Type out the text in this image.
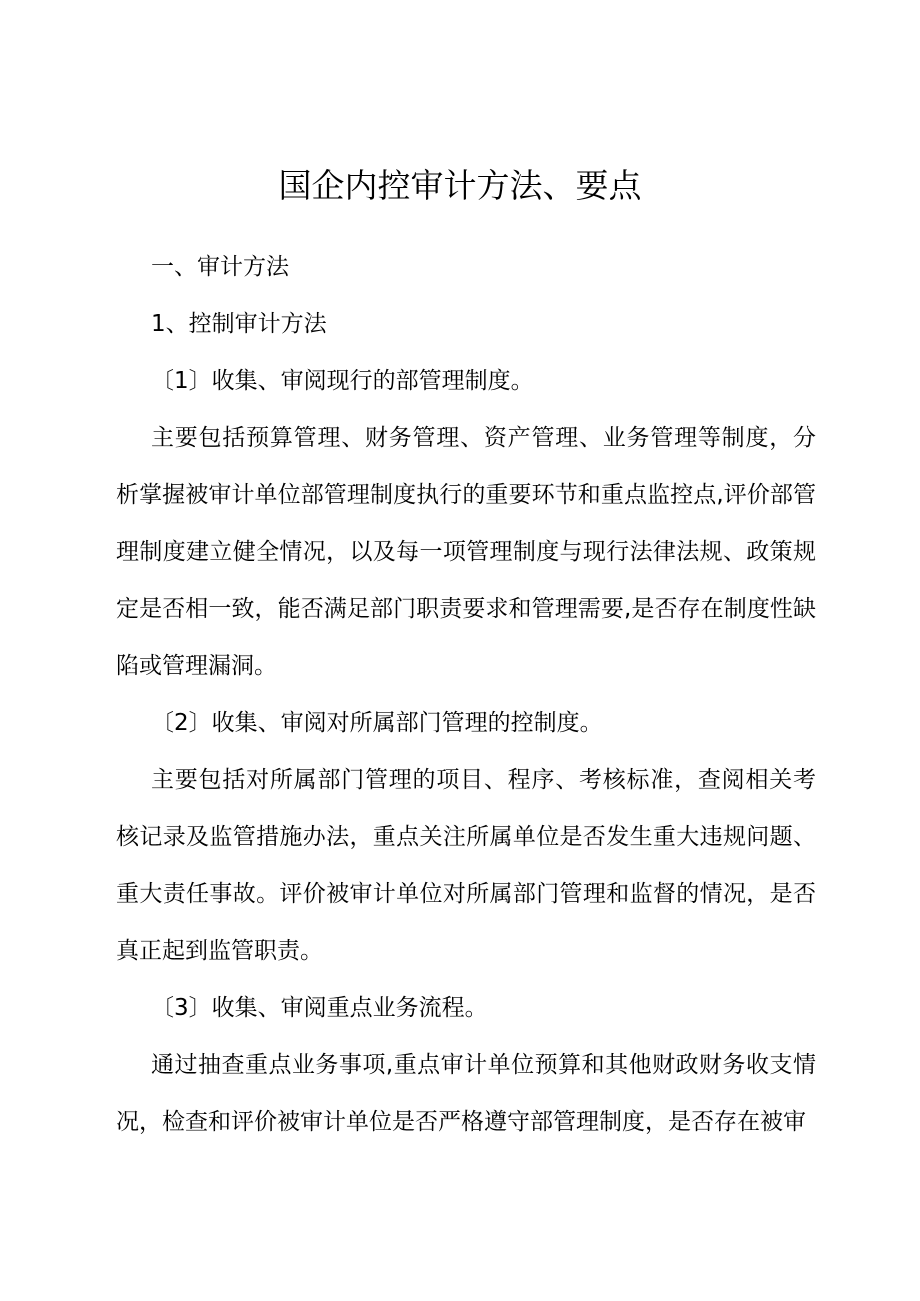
国企内控审计方法、要点

一、审计方法

1、控制审计方法

〔1〕收集、审阅现行的部管理制度。

主要包括预算管理、财务管理、资产管理、业务管理等制度，分析掌握被审计单位部管理制度执行的重要环节和重点监控点,评价部管理制度建立健全情况，以及每一项管理制度与现行法律法规、政策规定是否相一致，能否满足部门职责要求和管理需要,是否存在制度性缺陷或管理漏洞。

〔2〕收集、审阅对所属部门管理的控制度。

主要包括对所属部门管理的项目、程序、考核标准，查阅相关考核记录及监管措施办法，重点关注所属单位是否发生重大违规问题、重大责任事故。评价被审计单位对所属部门管理和监督的情况，是否真正起到监管职责。

〔3〕收集、审阅重点业务流程。

通过抽查重点业务事项,重点审计单位预算和其他财政财务收支情况，检查和评价被审计单位是否严格遵守部管理制度，是否存在被审
